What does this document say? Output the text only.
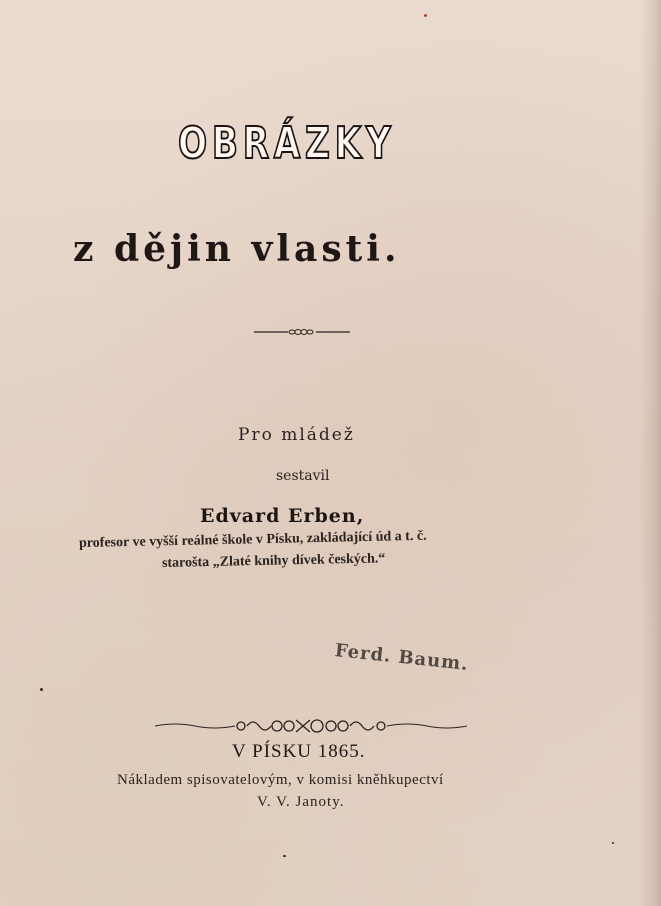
OBRÁZKY
z dějin vlasti.
Pro mládež
sestavil
Edvard Erben,
profesor ve vyšší reálné škole v Písku, zakládající úd a t. č.
starošta „Zlaté knihy dívek českých.“
Ferd. Baum.
V PÍSKU 1865.
Nákladem spisovatelovým, v komisi kněhkupectví
V. V. Janoty.
